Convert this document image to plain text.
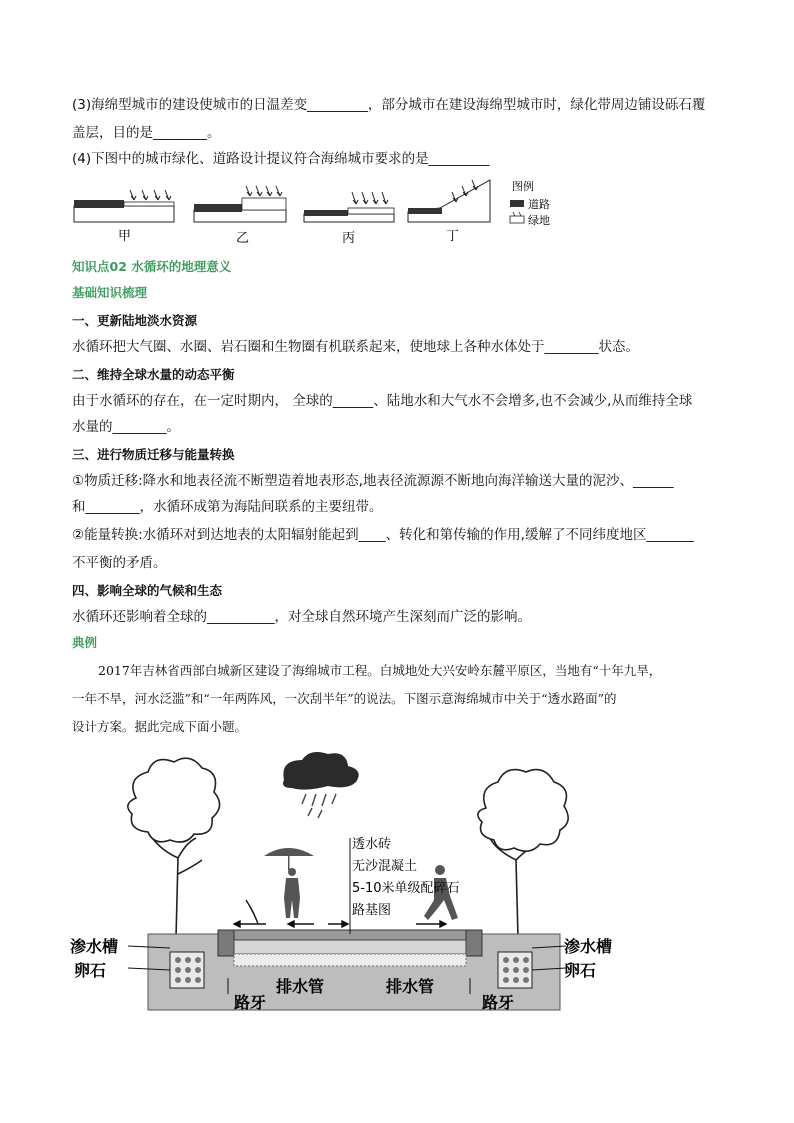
(3)海绵型城市的建设使城市的日温差变_________，部分城市在建设海绵型城市时，绿化带周边铺设砾石覆
盖层，目的是________。
(4)下图中的城市绿化、道路设计提议符合海绵城市要求的是_________
甲	乙	丙	丁
图例
道路
绿地
知识点02 水循环的地理意义
基础知识梳理
一、更新陆地淡水资源
水循环把大气圈、水圈、岩石圈和生物圈有机联系起来，使地球上各种水体处于________状态。
二、维持全球水量的动态平衡
由于水循环的存在，在一定时期内， 全球的______、陆地水和大气水不会增多,也不会减少,从而维持全球
水量的________。
三、进行物质迁移与能量转换
①物质迁移:降水和地表径流不断塑造着地表形态,地表径流源源不断地向海洋输送大量的泥沙、______
和________，水循环成第为海陆间联系的主要纽带。
②能量转换:水循环对到达地表的太阳辐射能起到____、转化和第传输的作用,缓解了不同纬度地区_______
不平衡的矛盾。
四、影响全球的气候和生态
水循环还影响着全球的__________，对全球自然环境产生深刻而广泛的影响。
典例
2017年吉林省西部白城新区建设了海绵城市工程。白城地处大兴安岭东麓平原区，当地有“十年九旱，
一年不旱，河水泛滥”和“一年两阵风，一次刮半年”的说法。下图示意海绵城市中关于“透水路面”的
设计方案。据此完成下面小题。
透水砖
无沙混凝土
5-10米单级配碎石
路基图
渗水槽
卵石
渗水槽
卵石
排水管	排水管
路牙	路牙
